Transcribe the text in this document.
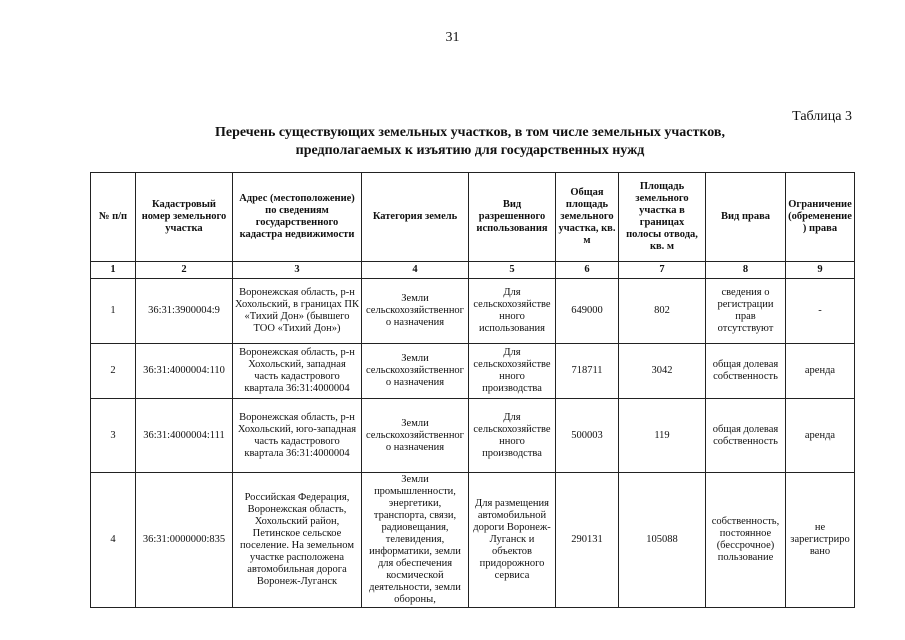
31
Таблица 3
Перечень существующих земельных участков, в том числе земельных участков,
предполагаемых к изъятию для государственных нужд
№ п/п	Кадастровый номер земельного участка	Адрес (местоположение) по сведениям государственного кадастра недвижимости	Категория земель	Вид разрешенного использования	Общая площадь земельного участка, кв. м	Площадь земельного участка в границах полосы отвода, кв. м	Вид права	Ограничение (обременение) права
1	2	3	4	5	6	7	8	9
1	36:31:3900004:9	Воронежская область, р-н Хохольский, в границах ПК «Тихий Дон» (бывшего ТОО «Тихий Дон»)	Земли сельскохозяйственного назначения	Для сельскохозяйственного использования	649000	802	сведения о регистрации прав отсутствуют	-
2	36:31:4000004:110	Воронежская область, р-н Хохольский, западная часть кадастрового квартала 36:31:4000004	Земли сельскохозяйственного назначения	Для сельскохозяйственного производства	718711	3042	общая долевая собственность	аренда
3	36:31:4000004:111	Воронежская область, р-н Хохольский, юго-западная часть кадастрового квартала 36:31:4000004	Земли сельскохозяйственного назначения	Для сельскохозяйственного производства	500003	119	общая долевая собственность	аренда
4	36:31:0000000:835	Российская Федерация, Воронежская область, Хохольский район, Петинское сельское поселение. На земельном участке расположена автомобильная дорога Воронеж-Луганск	Земли промышленности, энергетики, транспорта, связи, радиовещания, телевидения, информатики, земли для обеспечения космической деятельности, земли обороны,	Для размещения автомобильной дороги Воронеж-Луганск и объектов придорожного сервиса	290131	105088	собственность, постоянное (бессрочное) пользование	не зарегистрировано
